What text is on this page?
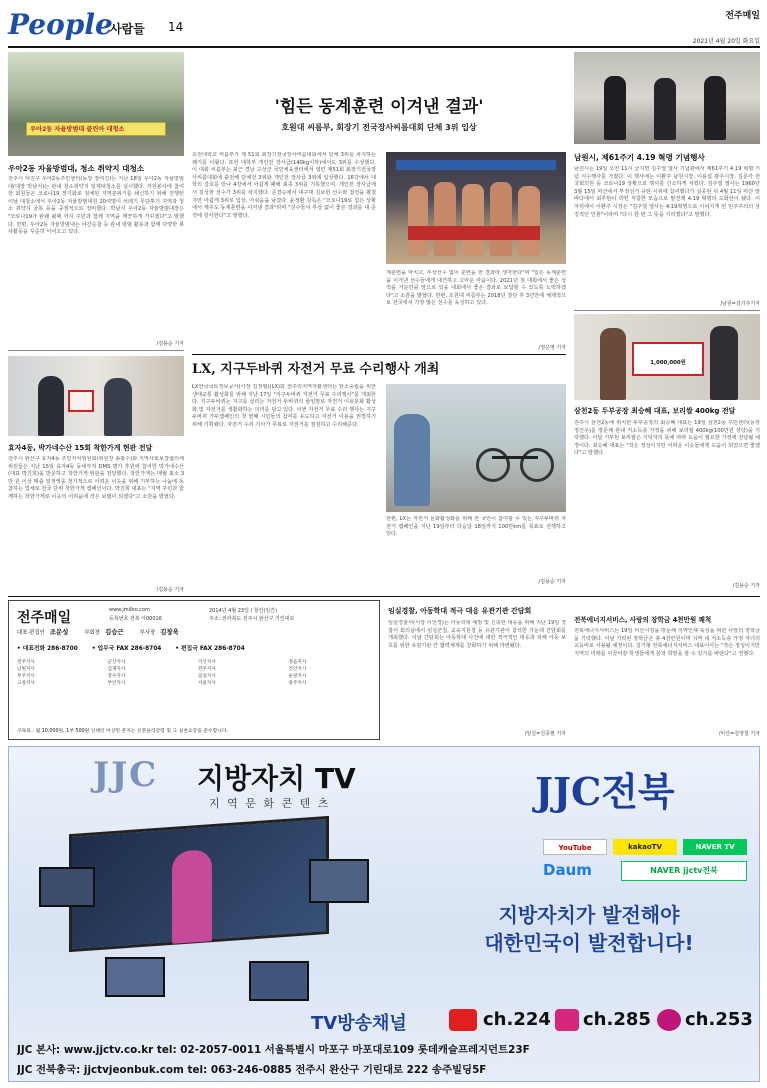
People
사람들 14
전주매일
2021년 4월 20일 화요일
우아2동 자율방범대 클린아 대청소
우아2동 자율방범대, 청소 취약지 대청소
전주시 덕진구 우아2동주민센터(동장 장여진)는 지난 18일 우아2동 자율방범대(대장 박남식)는 관내 청소취약지 일제대청소를 실시했다. 자원봉사에 참여한 회원들은 코로나19 장기화로 침체된 지역분위기를 쇄신하기 위해 진행된 이날 대청소에서 우아2동 자율방범대원 20여명이 쓰레기 무단투기 지역과 청소 취약지 골목 등을 중점적으로 정비했다. 박남식 우아2동 자율방범대장은 "코로나19가 완쾌 될때 까지 주민과 함께 지역을 깨끗하게 가꾸겠다"고 말했다. 한편, 우아2동 자율방범대는 야간순찰 등 관내 방범 활동과 함께 다양한 봉사활동을 꾸준히 이어오고 있다.
/김용순 기자
효자4동, 박가네수산 15회 착한가게 현판 전달
전주시 완산구 효자4동 주민자치위원회(위원장 송광수)와 지역사회보장협의체 위원들은 지난 15일 효자4동 동네부처 DMS 명가 후원에 참여한 박가네수산(대표 박진희)을 방문하고 착한가게 현판을 전달했다. 착한가게는 매월 최소 3만 원 이상 매출 일정액을 정기적으로 어려운 이웃을 위해 기부하는 나눔에 동참하는 업체로 전국 단위 착한가게 캠페인이다. 박진희 대표는 "지역 주민과 함께하는 착한가게로 이웃의 어려움에 작은 보탬이 되겠다"고 소감을 밝혔다.
/김용순 기자
'힘든 동계훈련 이겨낸 결과'
호원대 씨름부, 회장기 전국장사씨름대회 단체 3위 입상
호원대학교 씨름부가 제 51회 회장기전국장사씨름대회에서 단체 3위를 차지하는 쾌거를 이뤘다. 또한 대학부 개인전 장사급(140kg이하)에서도 3위를 수상했다. 이 대회 씨름부는 최근 경남 고성군 국민체육센터에서 열린 제51회 회장기전국장사씨름대회에 출전해 단체전 3위와 개인전 장사급 3위에 입상했다. 16강에서 대학의 강호를 만나 4강에서 아쉽게 패해 최종 3위를 기록했으며, 개인전 장사급에서 김성현 선수가 3위를 차지했다. 준결승에서 대구대 김보헌 선수와 접전을 펼쳤지만 아쉽게 3위로 입상, 아쉬움을 남겼다. 윤정환 감독은 "코로나19로 힘든 상황에서 제주도 동계훈련을 이겨낸 결과"라며 "선수들이 부상 없이 좋은 결과를 내 준 것에 감사한다"고 말했다.
계훈련을 마치고, 부상선수 없이 훈련을 한 결과라 생각한다"며 "힘든 동계훈련을 이겨낸 선수들에게 대견하고 고마운 마음이다. 2021년 첫 대회에서 좋은 성적을 거둔만큼 앞으로 있을 대회에서 좋은 결과로 보답할 수 있도록 노력하겠다"고 소감을 밝혔다. 한편, 호원대 씨름부는 2018년 창단 후 3년만에 체계적으로 전국에서 가장 많은 선수를 육성하고 있다.
/정은영 기자
LX, 지구두바퀴 자전거 무료 수리행사 개최
LX한국국토정보공사(사장 김정렬)(LX)와 전주리지역자활센터는 탄소중립을 위한 생태교통 활성화를 위해 지난 17일 "지구두바퀴 자전거 무료 수리행사"를 개최한다. 지구두바퀴는 지구를 살리는 자전거 두바퀴의 줄임말로 자전거 이용문화 활성화 및 자전거를 생활화하는 의미를 담고 있다. 이번 자전거 무료 수리 행사는 지구두바퀴 가두캠페인의 첫 번째 시민들의 참여를 유도하고 자전거 이용을 권장하기 위해 기획됐다. 자전거 수리 기사가 무료로 자전거를 점검하고 수리해준다.
한편, LX는 자전거 문화활성화를 위해 전 국민이 참여할 수 있는 지구두바퀴 자전거 캠페인을 지난 19일부터 다음달 18일까지 100만km를 목표로 진행하고 있다.
/김용순 기자
남원시, 제61주기 4.19 혁명 기념행사
남원시는 19일 오전 11시 금지면 김주열 열사 기념관에서 제61주기 4.19 혁명 기념 식수행사를 가졌다. 이 행사에는 이환주 남원시장, 이용섭 광주시장, 김문각 전 국회의원 등 코로나19 상황으로 행사를 간소하게 치렀다. 김주열 열사는 1960년 3월 15일 마산에서 부정선거 규탄 시위에 참여했다가 실종된 뒤 4월 11일 마산 앞바다에서 최루탄이 박힌 처참한 모습으로 발견돼 4.19 혁명의 도화선이 됐다. 이 자리에서 이환주 시장은 "김주열 열사는 4.19혁명으로 이어지게 된 민주주의의 상징적인 인물"이라며 "다시 한 번 그 뜻을 기리겠다"고 말했다.
/남원=김기주기자
1,000,000원
삼천2동 두부공장 최승혜 대표, 보리쌀 400kg 전달
전주시 삼천2동에 위치한 두부공장의 최승혜 대표는 19일 삼천2동 주민센터(동장 정진우)를 방문해 관내 저소득층 가정을 위해 보리쌀 400kg(100만원 상당)을 기탁했다. 이날 기부된 보리쌀은 기탁자의 뜻에 따라 도움이 필요한 가정에 전달될 예정이다. 최승혜 대표는 "작은 정성이지만 어려운 이웃들에게 도움이 되었으면 좋겠다"고 말했다.
/김용순 기자
전주매일	www.jmilbo.com
등록번호 전북 아00016
2014년 4월 23일 / 창간(일간)
주소: 전라북도 전주시 완산구 기린대로
대표·편집인 조문성	부회장 김승근	부사장 김창욱
• 대표전화 286-8700 • 업무국 FAX 286-8704 • 편집국 FAX 286-8704
전주지사	군산지사	익산지사	정읍지사
남원지사	김제지사	완주지사	진안지사
무주지사	장수지사	임실지사	순창지사
고창지사	부안지사	서울지사	광주지사
구독료 : 월 10,000원, 1부 500원 인쇄인 이상민 본지는 신문윤리강령 및 그 실천요강을 준수합니다.
임실경찰, 아동학대 적극 대응 유관기관 간담회
임실경찰서(서장 이인경)는 아동학대 예방 및 신속한 대응을 위해 지난 19일 경찰서 회의실에서 임실군청, 교육지원청 등 유관기관이 참석한 가운데 간담회를 개최했다. 이날 간담회는 아동학대 사건에 대한 적극적인 대응과 피해 아동 보호를 위한 유관기관 간 협력체계를 강화하기 위해 마련됐다.
/임실=진종필 기자
전북에너지서비스, 사랑의 장학금 4천만원 쾌척
전북에너지서비스는 19일 익산시청을 방문해 지역인재 육성을 위한 사랑의 장학금을 기탁했다. 이날 기탁된 장학금은 총 4천만원이며 지역 내 저소득층 가정 자녀의 교육비로 사용될 예정이다. 김기형 전북에너지서비스 대표이사는 "작은 정성이지만 지역의 미래를 이끌어갈 학생들에게 꿈과 희망을 줄 수 있기를 바란다"고 전했다.
/익산=김영철 기자
JJC 지방자치 TV
지 역 문 화 콘 텐 츠	JJC전북
YouTube	kakaoTV	NAVER TV
Daum	NAVER jjctv전북
지방자치가 발전해야
대한민국이 발전합니다!
TV방송채널	ch.224 ch.285 ch.253
JJC 본사: www.jjctv.co.kr tel: 02-2057-0011 서울특별시 마포구 마포대로109 롯데캐슬프레지던트23F
JJC 전북총국: jjctvjeonbuk.com tel: 063-246-0885 전주시 완산구 기린대로 222 송주빌딩5F
